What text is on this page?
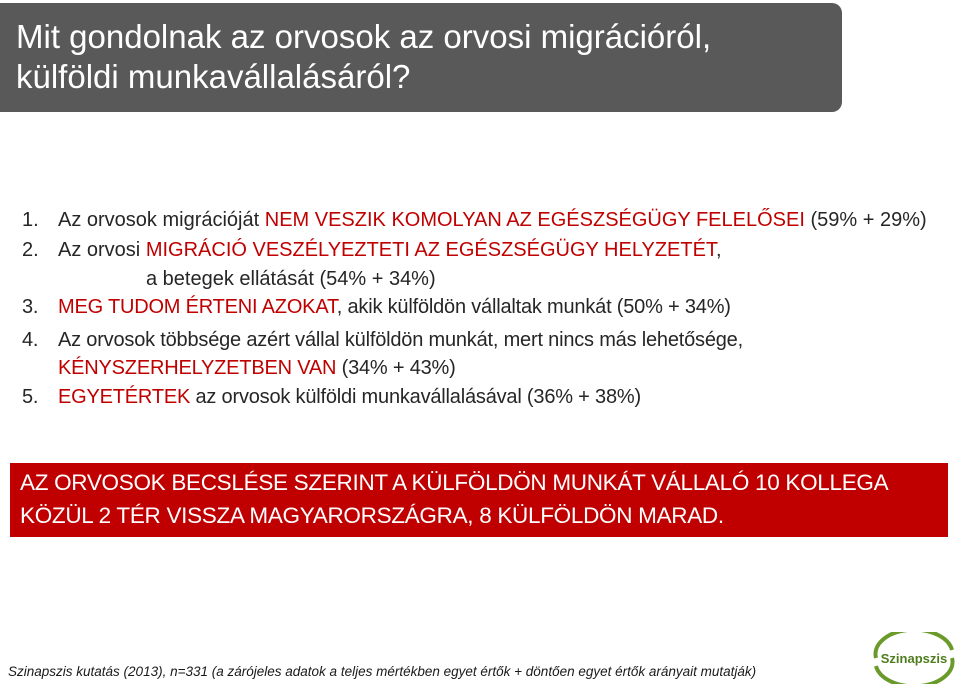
Mit gondolnak az orvosok az orvosi migrációról,
külföldi munkavállalásáról?
1. Az orvosok migrációját NEM VESZIK KOMOLYAN AZ EGÉSZSÉGÜGY FELELŐSEI (59% + 29%)
2. Az orvosi MIGRÁCIÓ VESZÉLYEZTETI AZ EGÉSZSÉGÜGY HELYZETÉT,
a betegek ellátását (54% + 34%)
3. MEG TUDOM ÉRTENI AZOKAT, akik külföldön vállaltak munkát (50% + 34%)
4. Az orvosok többsége azért vállal külföldön munkát, mert nincs más lehetősége,
KÉNYSZERHELYZETBEN VAN (34% + 43%)
5. EGYETÉRTEK az orvosok külföldi munkavállalásával (36% + 38%)
AZ ORVOSOK BECSLÉSE SZERINT A KÜLFÖLDÖN MUNKÁT VÁLLALÓ 10 KOLLEGA
KÖZÜL 2 TÉR VISSZA MAGYARORSZÁGRA, 8 KÜLFÖLDÖN MARAD.
Szinapszis kutatás (2013), n=331 (a zárójeles adatok a teljes mértékben egyet értők + döntően egyet értők arányait mutatják)
Szinapszis
